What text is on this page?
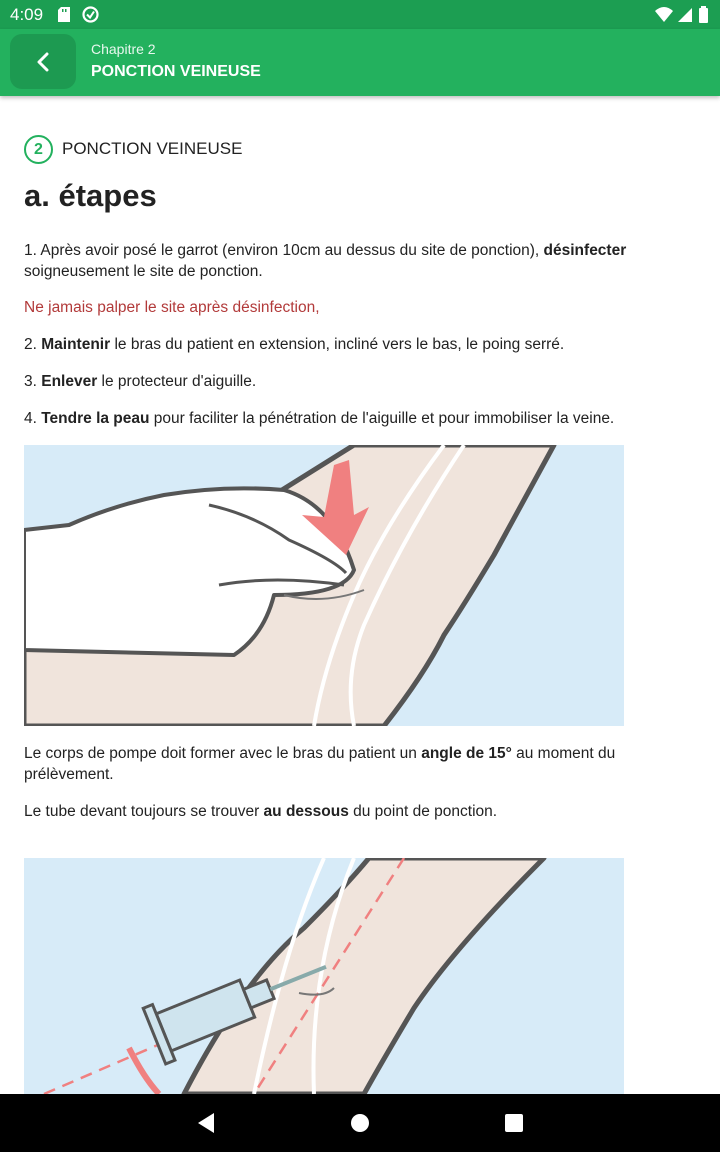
4:09
Chapitre 2
PONCTION VEINEUSE
2	PONCTION VEINEUSE
a. étapes
1. Après avoir posé le garrot (environ 10cm au dessus du site de ponction), désinfecter soigneusement le site de ponction.
Ne jamais palper le site après désinfection,
2. Maintenir le bras du patient en extension, incliné vers le bas, le poing serré.
3. Enlever le protecteur d'aiguille.
4. Tendre la peau pour faciliter la pénétration de l'aiguille et pour immobiliser la veine.
Le corps de pompe doit former avec le bras du patient un angle de 15° au moment du prélèvement.
Le tube devant toujours se trouver au dessous du point de ponction.
